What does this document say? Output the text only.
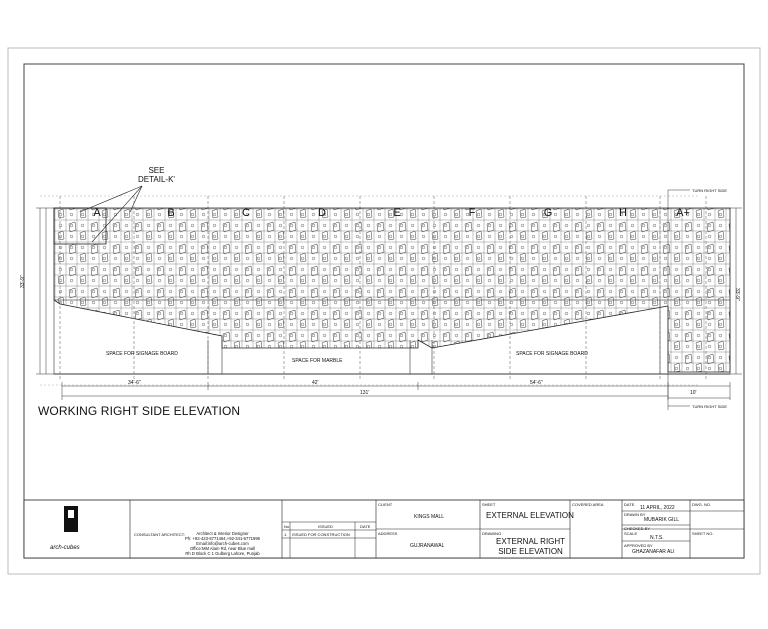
A	B	C	D	E	F	G	H	A+
SEE
DETAIL-K'
SPACE FOR SIGNAGE BOARD
SPACE FOR MARBLE
SPACE FOR SIGNAGE BOARD
34'-6"	42'	54'-6"
131'	10'
33'-9"
33'-9"
TURN RIGHT SIDE
TURN RIGHT SIDE
WORKING RIGHT SIDE ELEVATION
arch-cubes
CONSULTANT ARCHITECT:	Architect & Interior Designer
Ph: +92-423-5771464,+92-341-6771996
Email:info@arch-cubes.com
Office:MM Alam Rd, near Blue mall
Rh D Block C 1 Gulberg Lahore, Punjab
No.	ISSUED	DATE
1. ISSUED FOR CONSTRUCTION
CLIENT
KINGS MALL
ADDRESS
GUJRANAWAL
SHEET
EXTERNAL ELEVATION
DRAWING
EXTERNAL RIGHT
SIDE ELEVATION
COVERED AREA	DATE
11 APRIL, 2022
DRAWN BY
MUBARIK GILL
CHECKED BY
SCALE
N.T.S.
APPROVED BY
GHAZANAFAR ALI
DWG. NO.
SHEET NO.
